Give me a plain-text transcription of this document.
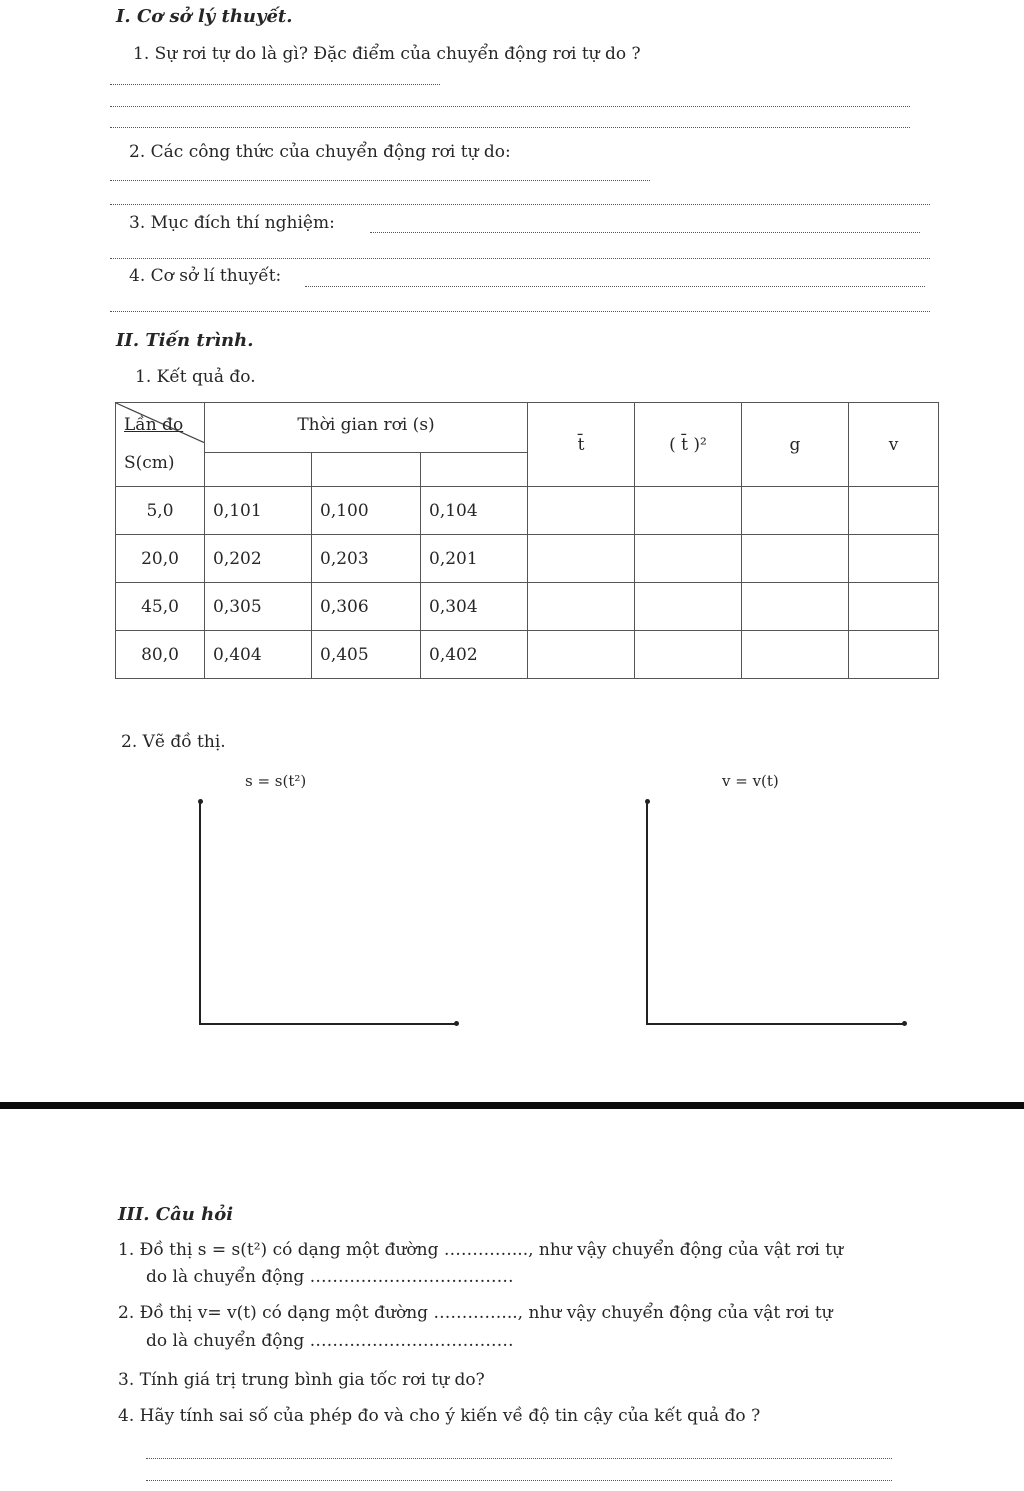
I. Cơ sở lý thuyết.
1. Sự rơi tự do là gì? Đặc điểm của chuyển động rơi tự do ?
2. Các công thức của chuyển động rơi tự do:
3. Mục đích thí nghiệm:
4. Cơ sở lí thuyết:
II. Tiến trình.
1. Kết quả đo.
Lần đo
S(cm)	Thời gian rơi (s)			t̄	( t̄ )²	g	v

5,0	0,101	0,100	0,104				
20,0	0,202	0,203	0,201				
45,0	0,305	0,306	0,304				
80,0	0,404	0,405	0,402				
2. Vẽ đồ thị.
s = s(t²)	v = v(t)
III. Câu hỏi
1. Đồ thị s = s(t²) có dạng một đường …………..., như vậy chuyển động của vật rơi tự
do là chuyển động ………………………………
2. Đồ thị v= v(t) có dạng một đường …………..., như vậy chuyển động của vật rơi tự
do là chuyển động ………………………………
3. Tính giá trị trung bình gia tốc rơi tự do?
4. Hãy tính sai số của phép đo và cho ý kiến về độ tin cậy của kết quả đo ?
